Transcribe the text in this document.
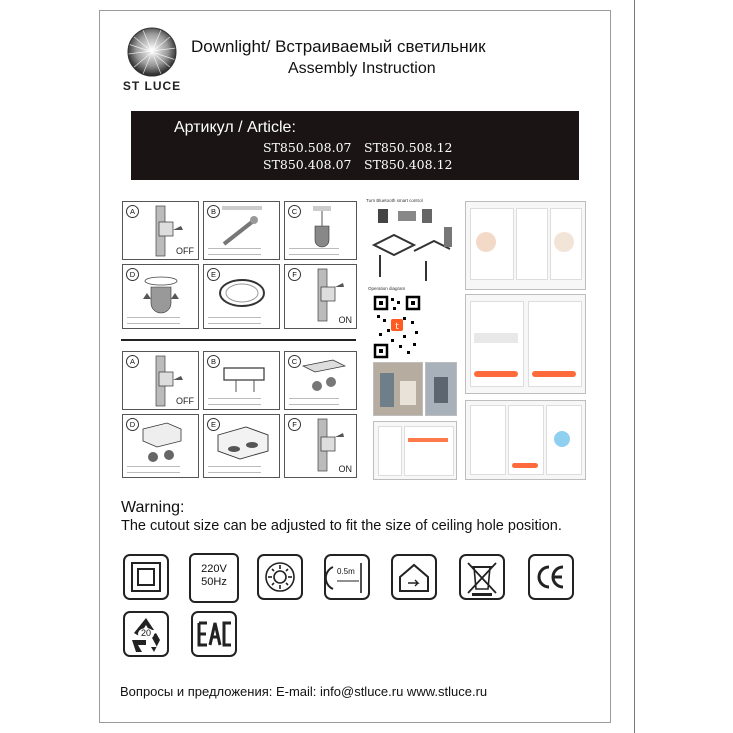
ST LUCE
Downlight/ Встраиваемый светильник
Assembly Instruction
Артикул / Article:
ST850.508.07 ST850.508.12
ST850.408.07 ST850.408.12
A
OFF
B	C
D	E	F
ON
A
OFF
B	C
D	E	F
ON
Turn Bluetooth smart control
Operation diagram
t
Warning:
The cutout size can be adjusted to fit the size of ceiling hole position.
220V
50Hz
0.5m
20
Вопросы и предложения: E-mail: info@stluce.ru www.stluce.ru
